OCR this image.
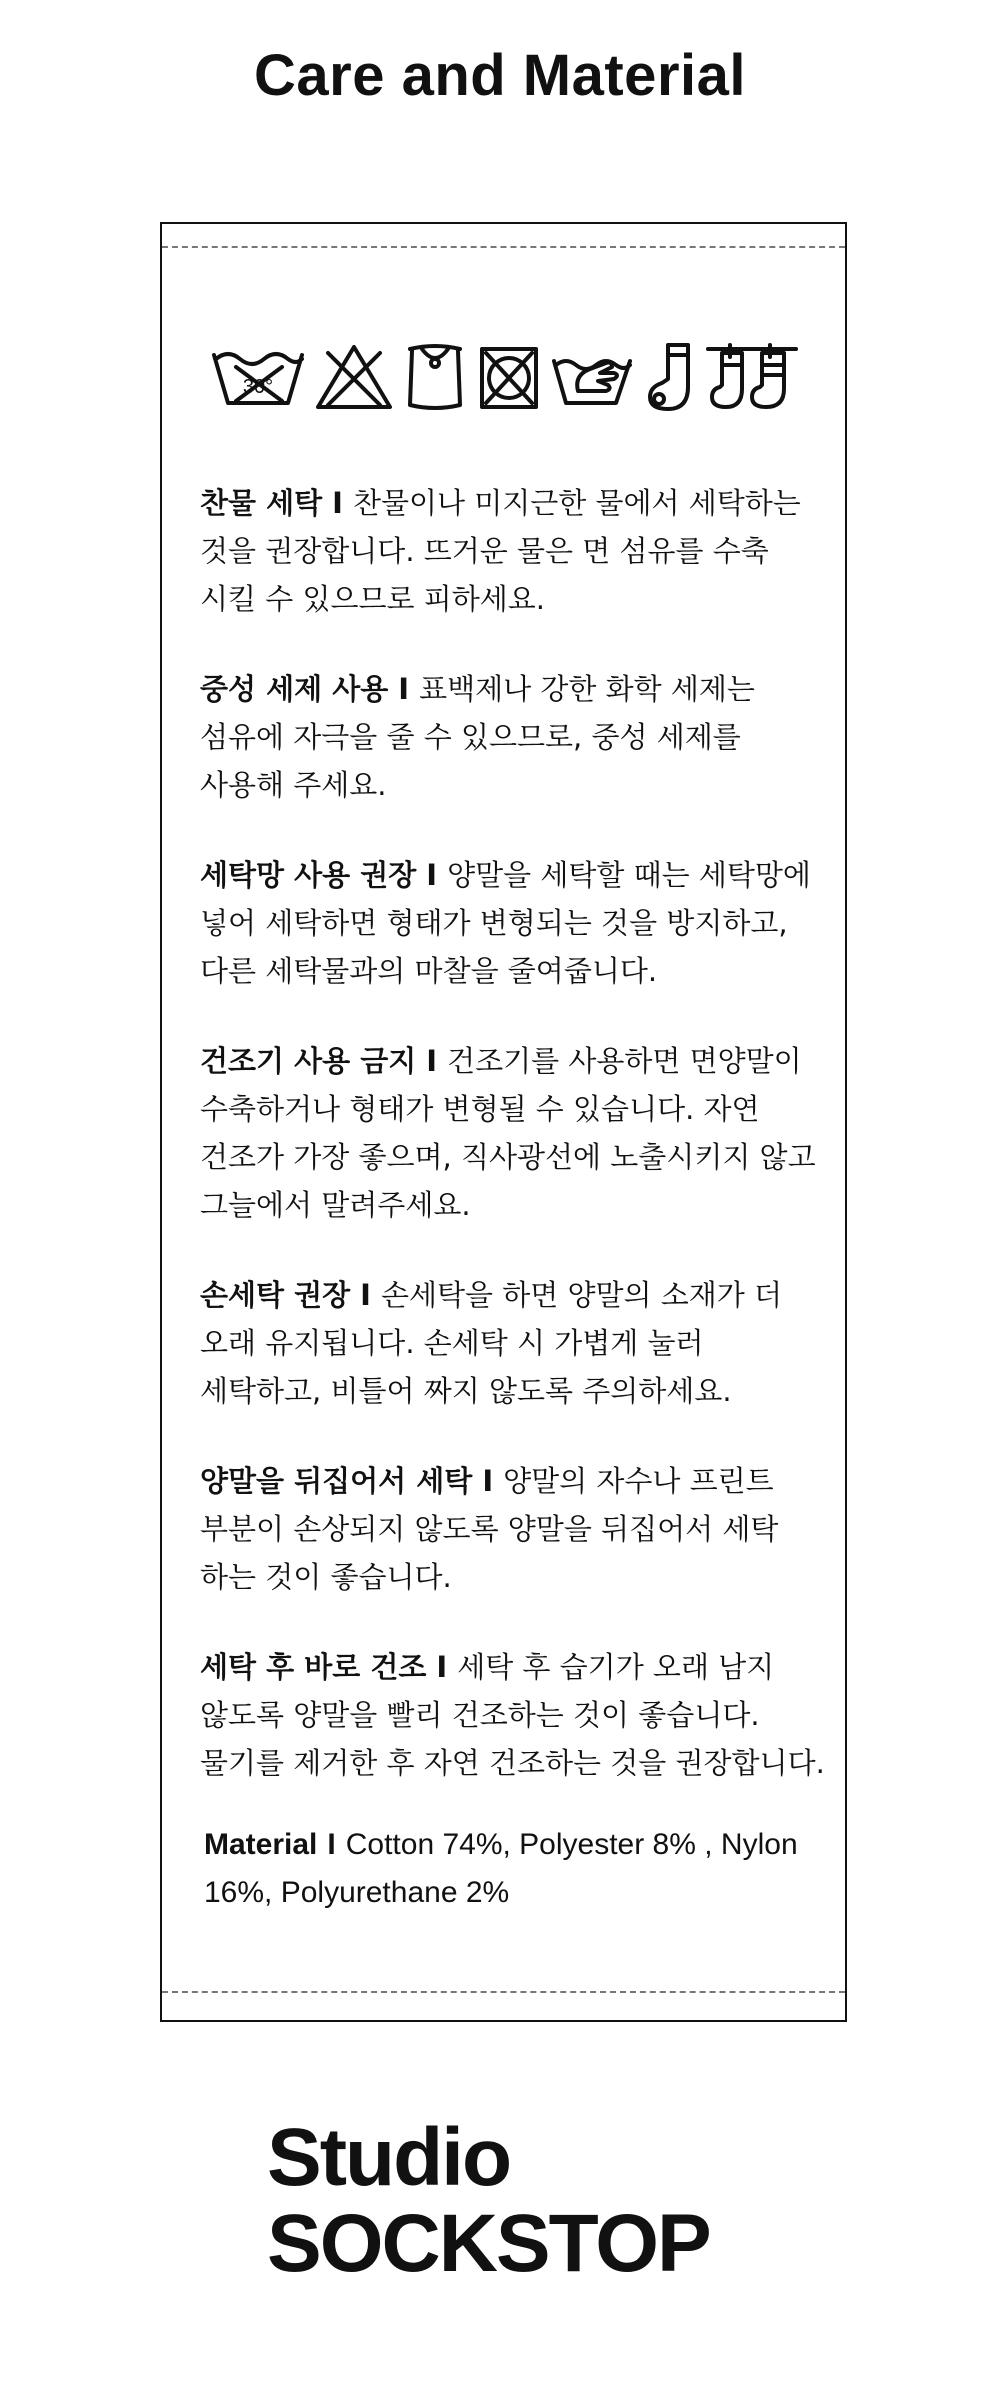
Care and Material
30°

찬물 세탁 I 찬물이나 미지근한 물에서 세탁하는 것을 권장합니다. 뜨거운 물은 면 섬유를 수축 시킬 수 있으므로 피하세요.

중성 세제 사용 I 표백제나 강한 화학 세제는 섬유에 자극을 줄 수 있으므로, 중성 세제를 사용해 주세요.

세탁망 사용 권장 I 양말을 세탁할 때는 세탁망에 넣어 세탁하면 형태가 변형되는 것을 방지하고, 다른 세탁물과의 마찰을 줄여줍니다.

건조기 사용 금지 I 건조기를 사용하면 면양말이 수축하거나 형태가 변형될 수 있습니다. 자연 건조가 가장 좋으며, 직사광선에 노출시키지 않고 그늘에서 말려주세요.

손세탁 권장 I 손세탁을 하면 양말의 소재가 더 오래 유지됩니다. 손세탁 시 가볍게 눌러 세탁하고, 비틀어 짜지 않도록 주의하세요.

양말을 뒤집어서 세탁 I 양말의 자수나 프린트 부분이 손상되지 않도록 양말을 뒤집어서 세탁 하는 것이 좋습니다.

세탁 후 바로 건조 I 세탁 후 습기가 오래 남지 않도록 양말을 빨리 건조하는 것이 좋습니다. 물기를 제거한 후 자연 건조하는 것을 권장합니다.

Material I Cotton 74%, Polyester 8% , Nylon 16%, Polyurethane 2%

Studio
SOCKSTOP
